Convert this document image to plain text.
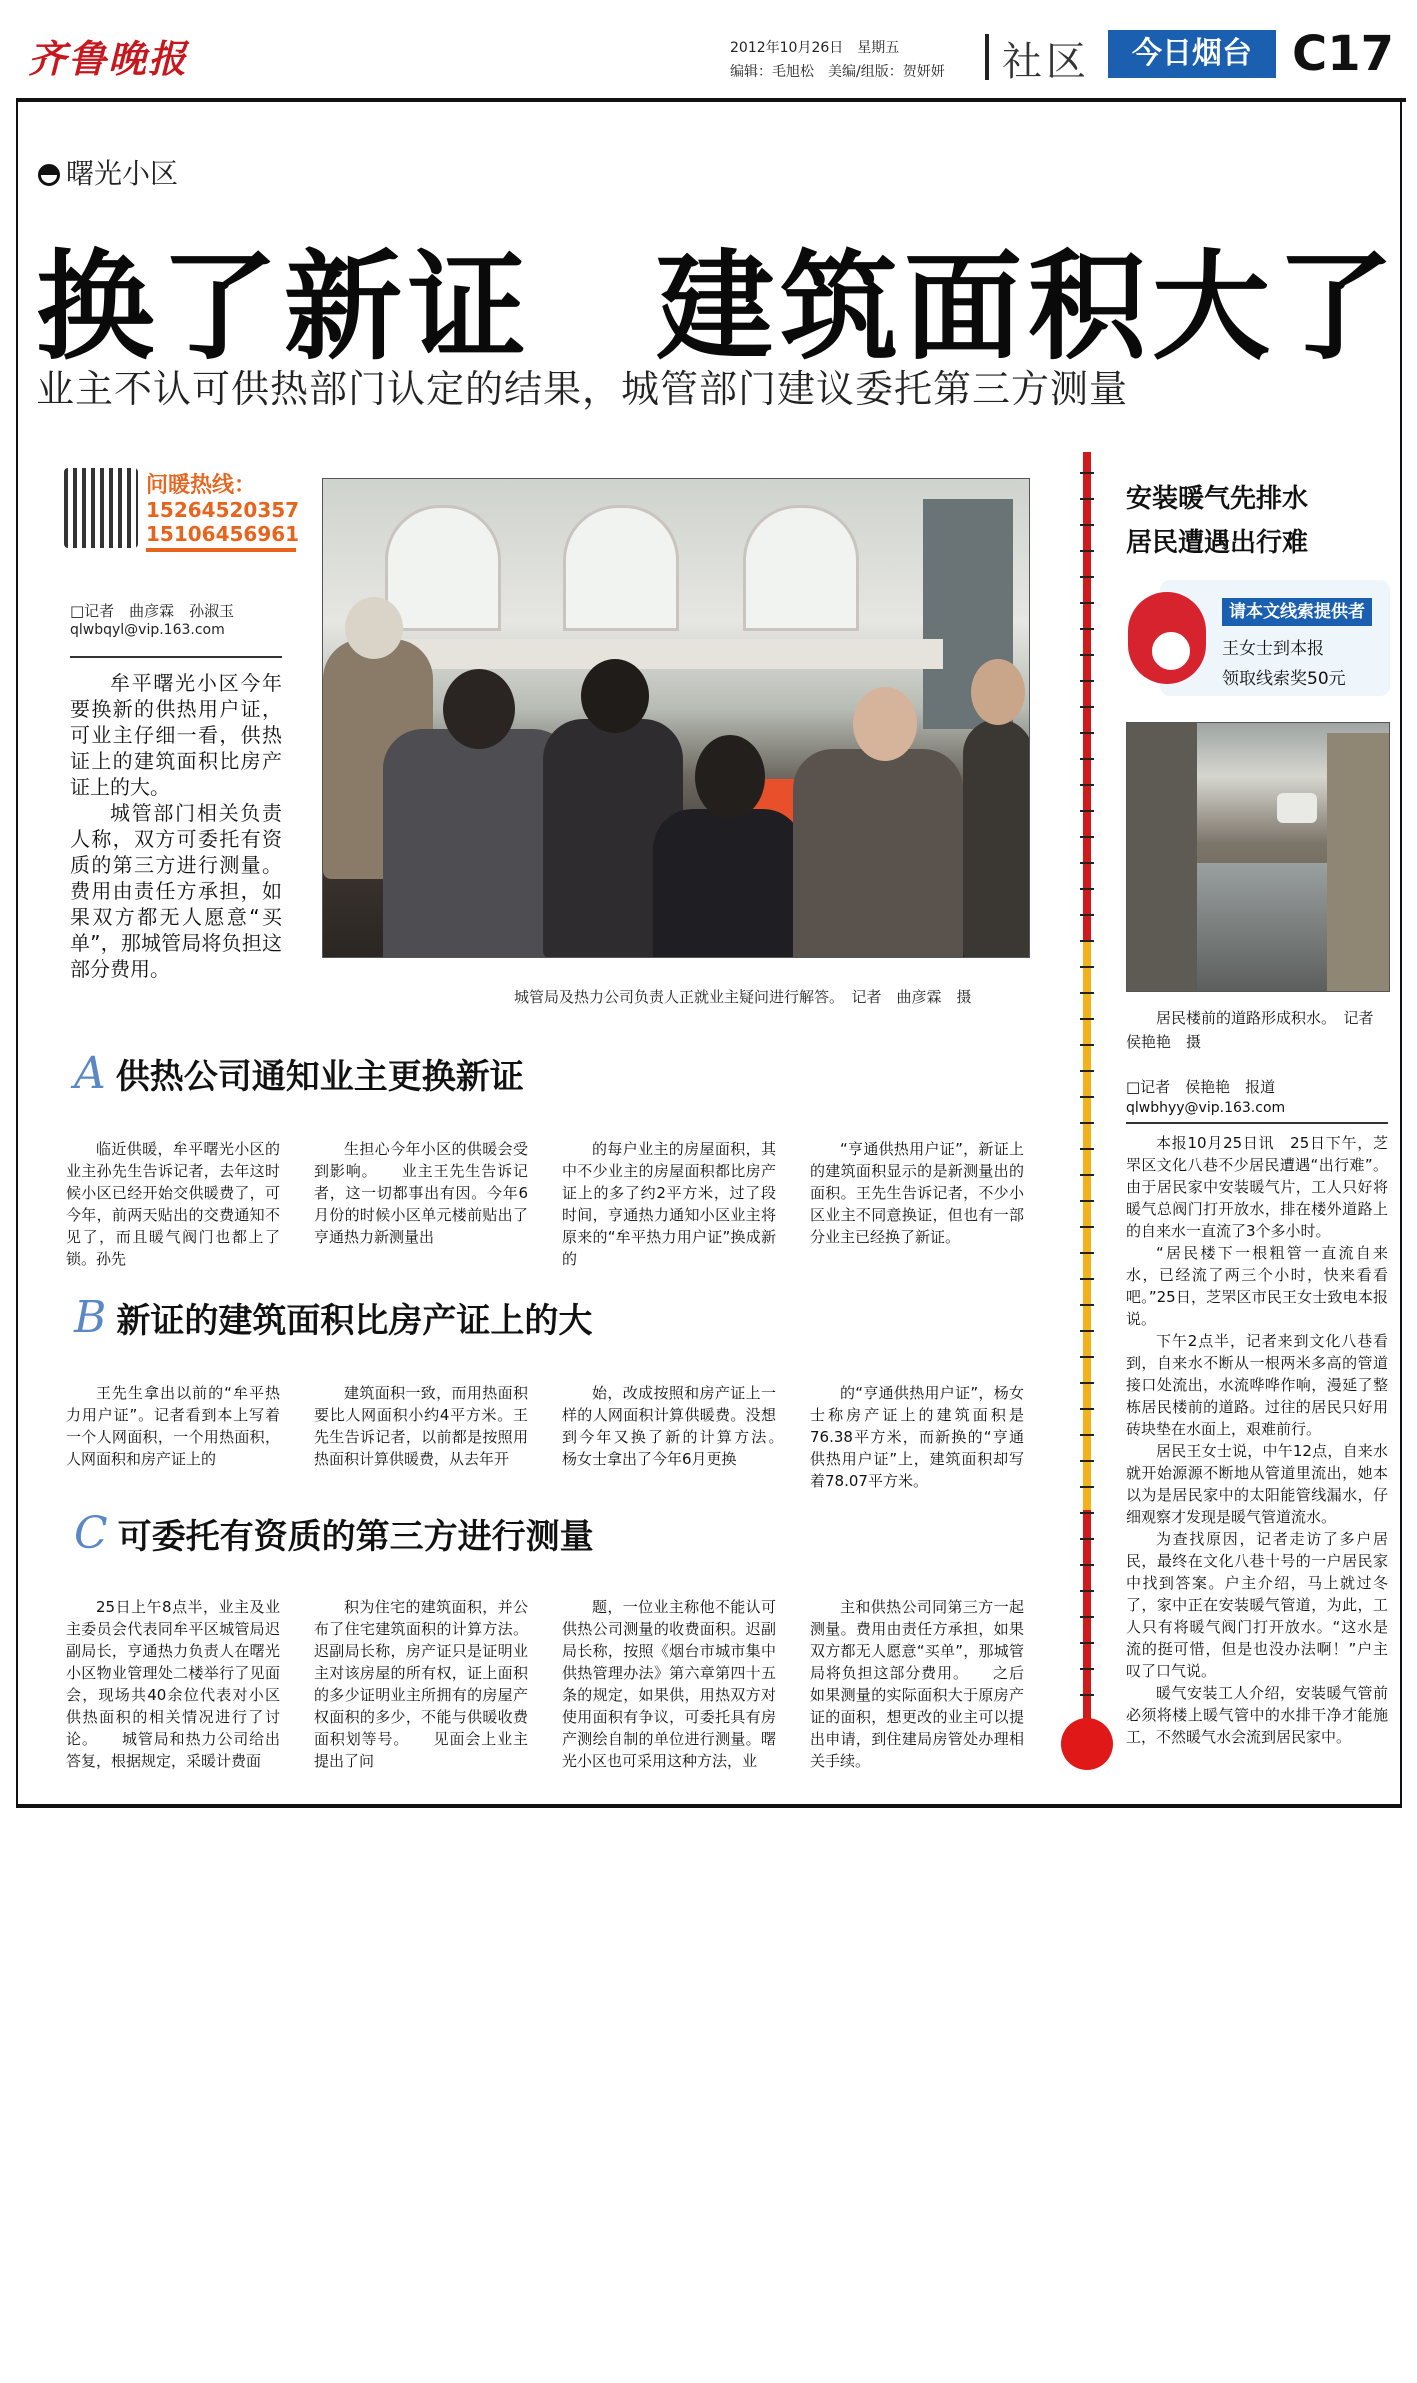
齐鲁晚报	2012年10月26日　星期五
编辑：毛旭松　美编/组版：贺妍妍 社区	今日烟台 C17
曙光小区
换了新证　建筑面积大了
业主不认可供热部门认定的结果，城管部门建议委托第三方测量
问暖热线：
15264520357
15106456961
□记者　曲彦霖　孙淑玉
qlwbqyl@vip.163.com

牟平曙光小区今年要换新的供热用户证，可业主仔细一看，供热证上的建筑面积比房产证上的大。

城管部门相关负责人称，双方可委托有资质的第三方进行测量。费用由责任方承担，如果双方都无人愿意“买单”，那城管局将负担这部分费用。

城管局及热力公司负责人正就业主疑问进行解答。　记者　曲彦霖　摄
A 供热公司通知业主更换新证

临近供暖，牟平曙光小区的业主孙先生告诉记者，去年这时候小区已经开始交供暖费了，可今年，前两天贴出的交费通知不见了，而且暖气阀门也都上了锁。孙先

生担心今年小区的供暖会受到影响。　　业主王先生告诉记者，这一切都事出有因。今年6月份的时候小区单元楼前贴出了亨通热力新测量出

的每户业主的房屋面积，其中不少业主的房屋面积都比房产证上的多了约2平方米，过了段时间，亨通热力通知小区业主将原来的“牟平热力用户证”换成新的

“亨通供热用户证”，新证上的建筑面积显示的是新测量出的面积。王先生告诉记者，不少小区业主不同意换证，但也有一部分业主已经换了新证。

B 新证的建筑面积比房产证上的大

王先生拿出以前的“牟平热力用户证”。记者看到本上写着一个人网面积，一个用热面积，人网面积和房产证上的

建筑面积一致，而用热面积要比人网面积小约4平方米。王先生告诉记者，以前都是按照用热面积计算供暖费，从去年开

始，改成按照和房产证上一样的人网面积计算供暖费。没想到今年又换了新的计算方法。　　杨女士拿出了今年6月更换

的“亨通供热用户证”，杨女士称房产证上的建筑面积是76.38平方米，而新换的“亨通供热用户证”上，建筑面积却写着78.07平方米。

C 可委托有资质的第三方进行测量

25日上午8点半，业主及业主委员会代表同牟平区城管局迟副局长，亨通热力负责人在曙光小区物业管理处二楼举行了见面会，现场共40余位代表对小区供热面积的相关情况进行了讨论。　　城管局和热力公司给出答复，根据规定，采暖计费面

积为住宅的建筑面积，并公布了住宅建筑面积的计算方法。迟副局长称，房产证只是证明业主对该房屋的所有权，证上面积的多少证明业主所拥有的房屋产权面积的多少，不能与供暖收费面积划等号。　　见面会上业主提出了问

题，一位业主称他不能认可供热公司测量的收费面积。迟副局长称，按照《烟台市城市集中供热管理办法》第六章第四十五条的规定，如果供，用热双方对使用面积有争议，可委托具有房产测绘自制的单位进行测量。曙光小区也可采用这种方法，业

主和供热公司同第三方一起测量。费用由责任方承担，如果双方都无人愿意“买单”，那城管局将负担这部分费用。　　之后如果测量的实际面积大于原房产证的面积，想更改的业主可以提出申请，到住建局房管处办理相关手续。

安装暖气先排水
居民遭遇出行难
请本文线索提供者
王女士到本报
领取线索奖50元

居民楼前的道路形成积水。　记者　侯艳艳　摄

□记者　侯艳艳　报道
qlwbhyy@vip.163.com

本报10月25日讯　25日下午，芝罘区文化八巷不少居民遭遇“出行难”。由于居民家中安装暖气片，工人只好将暖气总阀门打开放水，排在楼外道路上的自来水一直流了3个多小时。

“居民楼下一根粗管一直流自来水，已经流了两三个小时，快来看看吧。”25日，芝罘区市民王女士致电本报说。

下午2点半，记者来到文化八巷看到，自来水不断从一根两米多高的管道接口处流出，水流哗哗作响，漫延了整栋居民楼前的道路。过往的居民只好用砖块垫在水面上，艰难前行。

居民王女士说，中午12点，自来水就开始源源不断地从管道里流出，她本以为是居民家中的太阳能管线漏水，仔细观察才发现是暖气管道流水。

为查找原因，记者走访了多户居民，最终在文化八巷十号的一户居民家中找到答案。户主介绍，马上就过冬了，家中正在安装暖气管道，为此，工人只有将暖气阀门打开放水。“这水是流的挺可惜，但是也没办法啊！”户主叹了口气说。

暖气安装工人介绍，安装暖气管前必须将楼上暖气管中的水排干净才能施工，不然暖气水会流到居民家中。
